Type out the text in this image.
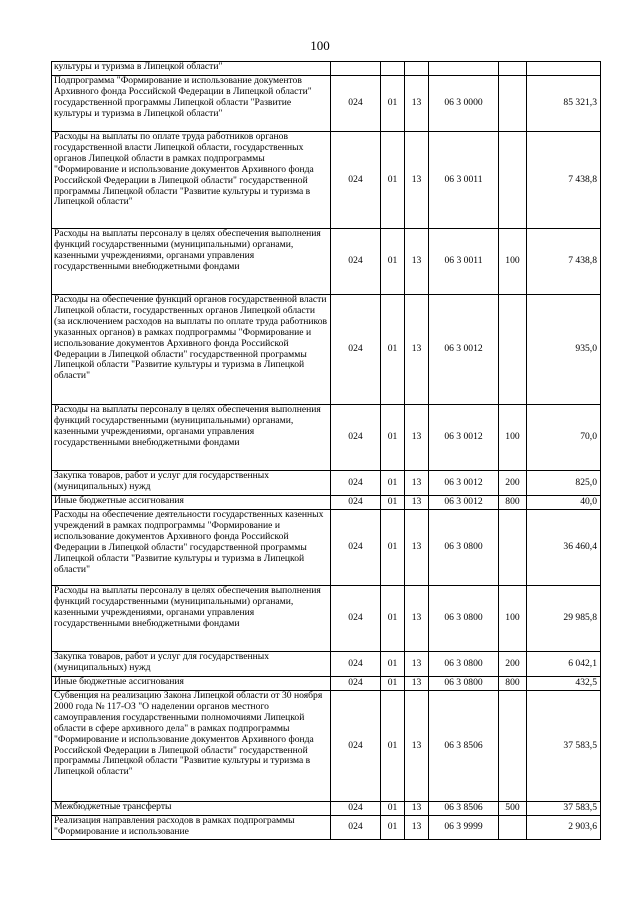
100
культуры и туризма в Липецкой области"						
Подпрограмма "Формирование и использование документов Архивного фонда Российской Федерации в Липецкой области" государственной программы Липецкой области "Развитие культуры и туризма в Липецкой области"	024	01	13	06 3 0000		85 321,3
Расходы на выплаты по оплате труда работников органов государственной власти Липецкой области, государственных органов Липецкой области в рамках подпрограммы "Формирование и использование документов Архивного фонда Российской Федерации в Липецкой области" государственной программы Липецкой области "Развитие культуры и туризма в Липецкой области"	024	01	13	06 3 0011		7 438,8
Расходы на выплаты персоналу в целях обеспечения выполнения функций государственными (муниципальными) органами, казенными учреждениями, органами управления государственными внебюджетными фондами	024	01	13	06 3 0011	100	7 438,8
Расходы на обеспечение функций органов государственной власти Липецкой области, государственных органов Липецкой области (за исключением расходов на выплаты по оплате труда работников указанных органов) в рамках подпрограммы "Формирование и использование документов Архивного фонда Российской Федерации в Липецкой области" государственной программы Липецкой области "Развитие культуры и туризма в Липецкой области"	024	01	13	06 3 0012		935,0
Расходы на выплаты персоналу в целях обеспечения выполнения функций государственными (муниципальными) органами, казенными учреждениями, органами управления государственными внебюджетными фондами	024	01	13	06 3 0012	100	70,0
Закупка товаров, работ и услуг для государственных (муниципальных) нужд	024	01	13	06 3 0012	200	825,0
Иные бюджетные ассигнования	024	01	13	06 3 0012	800	40,0
Расходы на обеспечение деятельности государственных казенных учреждений в рамках подпрограммы "Формирование и использование документов Архивного фонда Российской Федерации в Липецкой области" государственной программы Липецкой области "Развитие культуры и туризма в Липецкой области"	024	01	13	06 3 0800		36 460,4
Расходы на выплаты персоналу в целях обеспечения выполнения функций государственными (муниципальными) органами, казенными учреждениями, органами управления государственными внебюджетными фондами	024	01	13	06 3 0800	100	29 985,8
Закупка товаров, работ и услуг для государственных (муниципальных) нужд	024	01	13	06 3 0800	200	6 042,1
Иные бюджетные ассигнования	024	01	13	06 3 0800	800	432,5
Субвенция на реализацию Закона Липецкой области от 30 ноября 2000 года № 117-ОЗ "О наделении органов местного самоуправления государственными полномочиями Липецкой области в сфере архивного дела" в рамках подпрограммы "Формирование и использование документов Архивного фонда Российской Федерации в Липецкой области" государственной программы Липецкой области "Развитие культуры и туризма в Липецкой области"	024	01	13	06 3 8506		37 583,5
Межбюджетные трансферты	024	01	13	06 3 8506	500	37 583,5
Реализация направления расходов в рамках подпрограммы "Формирование и использование	024	01	13	06 3 9999		2 903,6
